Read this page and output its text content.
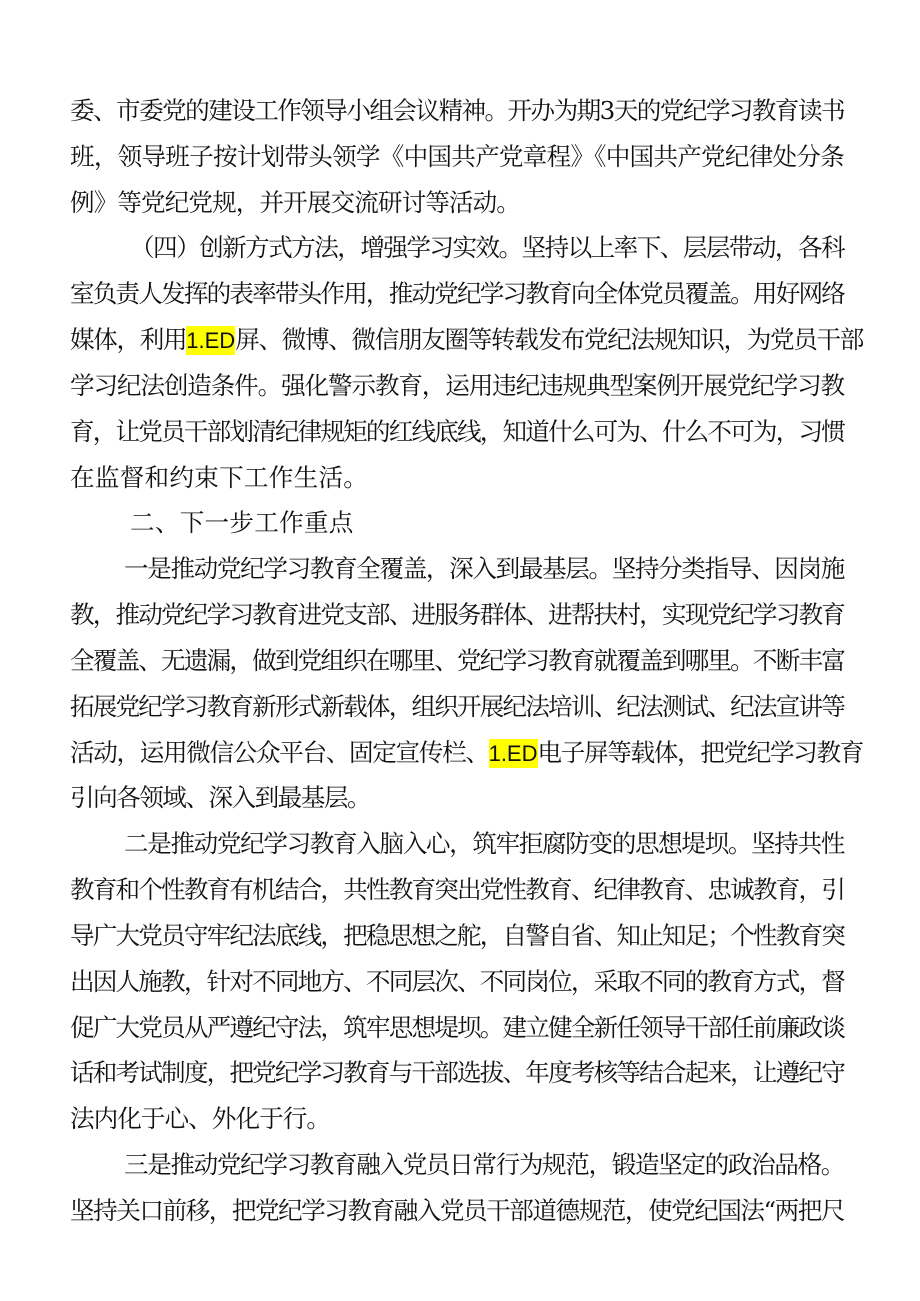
委、市委党的建设工作领导小组会议精神。开办为期3天的党纪学习教育读书
班，领导班子按计划带头领学《中国共产党章程》《中国共产党纪律处分条
例》等党纪党规，并开展交流研讨等活动。
（四）创新方式方法，增强学习实效。坚持以上率下、层层带动，各科
室负责人发挥的表率带头作用，推动党纪学习教育向全体党员覆盖。用好网络
媒体，利用1.ED屏、微博、微信朋友圈等转载发布党纪法规知识，为党员干部
学习纪法创造条件。强化警示教育，运用违纪违规典型案例开展党纪学习教
育，让党员干部划清纪律规矩的红线底线，知道什么可为、什么不可为，习惯
在监督和约束下工作生活。
二、下一步工作重点
一是推动党纪学习教育全覆盖，深入到最基层。坚持分类指导、因岗施
教，推动党纪学习教育进党支部、进服务群体、进帮扶村，实现党纪学习教育
全覆盖、无遗漏，做到党组织在哪里、党纪学习教育就覆盖到哪里。不断丰富
拓展党纪学习教育新形式新载体，组织开展纪法培训、纪法测试、纪法宣讲等
活动，运用微信公众平台、固定宣传栏、1.ED电子屏等载体，把党纪学习教育
引向各领域、深入到最基层。
二是推动党纪学习教育入脑入心，筑牢拒腐防变的思想堤坝。坚持共性
教育和个性教育有机结合，共性教育突出党性教育、纪律教育、忠诚教育，引
导广大党员守牢纪法底线，把稳思想之舵，自警自省、知止知足；个性教育突
出因人施教，针对不同地方、不同层次、不同岗位，采取不同的教育方式，督
促广大党员从严遵纪守法，筑牢思想堤坝。建立健全新任领导干部任前廉政谈
话和考试制度，把党纪学习教育与干部选拔、年度考核等结合起来，让遵纪守
法内化于心、外化于行。
三是推动党纪学习教育融入党员日常行为规范，锻造坚定的政治品格。
坚持关口前移，把党纪学习教育融入党员干部道德规范，使党纪国法“两把尺
